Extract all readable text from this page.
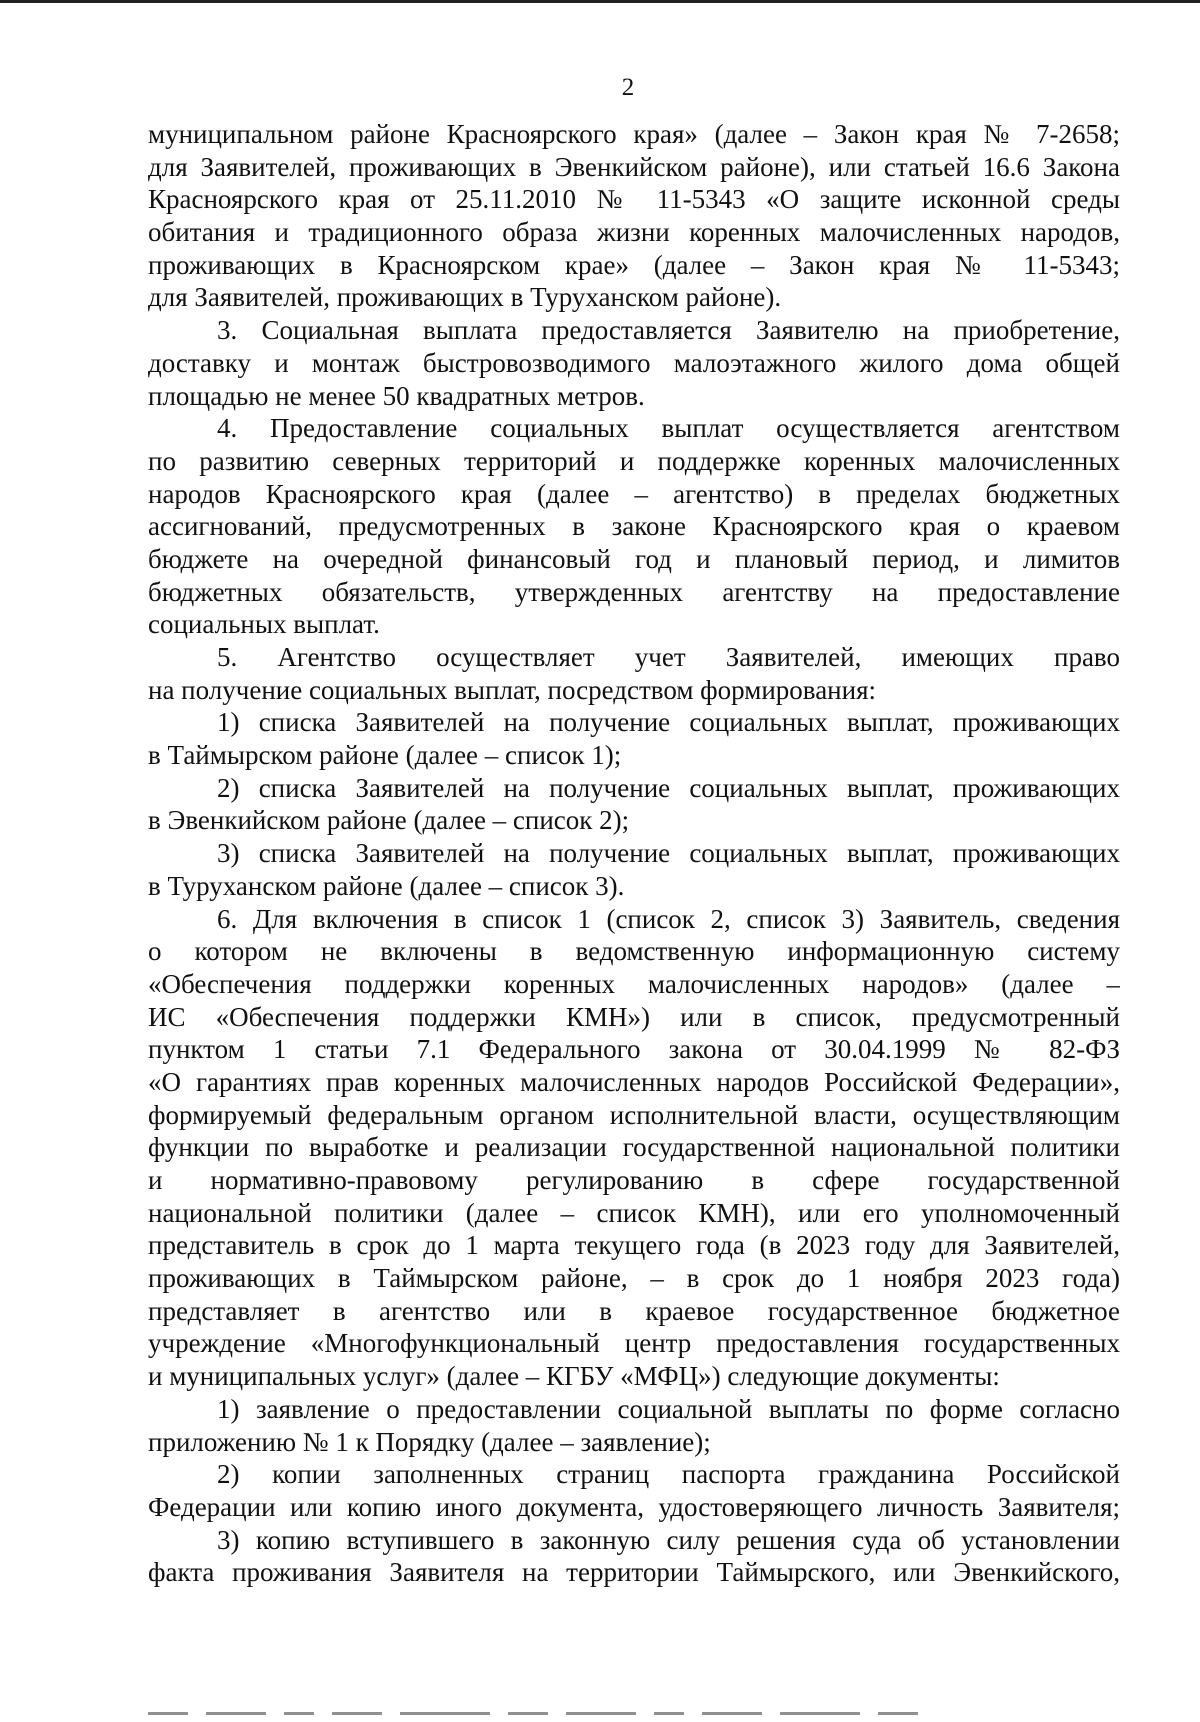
2
муниципальном районе Красноярского края» (далее – Закон края № 7-2658;
для Заявителей, проживающих в Эвенкийском районе), или статьей 16.6 Закона
Красноярского края от 25.11.2010 № 11-5343 «О защите исконной среды
обитания и традиционного образа жизни коренных малочисленных народов,
проживающих в Красноярском крае» (далее – Закон края № 11-5343;
для Заявителей, проживающих в Туруханском районе).
3. Социальная выплата предоставляется Заявителю на приобретение,
доставку и монтаж быстровозводимого малоэтажного жилого дома общей
площадью не менее 50 квадратных метров.
4. Предоставление социальных выплат осуществляется агентством
по развитию северных территорий и поддержке коренных малочисленных
народов Красноярского края (далее – агентство) в пределах бюджетных
ассигнований, предусмотренных в законе Красноярского края о краевом
бюджете на очередной финансовый год и плановый период, и лимитов
бюджетных обязательств, утвержденных агентству на предоставление
социальных выплат.
5. Агентство осуществляет учет Заявителей, имеющих право
на получение социальных выплат, посредством формирования:
1) списка Заявителей на получение социальных выплат, проживающих
в Таймырском районе (далее – список 1);
2) списка Заявителей на получение социальных выплат, проживающих
в Эвенкийском районе (далее – список 2);
3) списка Заявителей на получение социальных выплат, проживающих
в Туруханском районе (далее – список 3).
6. Для включения в список 1 (список 2, список 3) Заявитель, сведения
о котором не включены в ведомственную информационную систему
«Обеспечения поддержки коренных малочисленных народов» (далее –
ИС «Обеспечения поддержки КМН») или в список, предусмотренный
пунктом 1 статьи 7.1 Федерального закона от 30.04.1999 № 82-ФЗ
«О гарантиях прав коренных малочисленных народов Российской Федерации»,
формируемый федеральным органом исполнительной власти, осуществляющим
функции по выработке и реализации государственной национальной политики
и нормативно-правовому регулированию в сфере государственной
национальной политики (далее – список КМН), или его уполномоченный
представитель в срок до 1 марта текущего года (в 2023 году для Заявителей,
проживающих в Таймырском районе, – в срок до 1 ноября 2023 года)
представляет в агентство или в краевое государственное бюджетное
учреждение «Многофункциональный центр предоставления государственных
и муниципальных услуг» (далее – КГБУ «МФЦ») следующие документы:
1) заявление о предоставлении социальной выплаты по форме согласно
приложению № 1 к Порядку (далее – заявление);
2) копии заполненных страниц паспорта гражданина Российской
Федерации или копию иного документа, удостоверяющего личность Заявителя;
3) копию вступившего в законную силу решения суда об установлении
факта проживания Заявителя на территории Таймырского, или Эвенкийского,
